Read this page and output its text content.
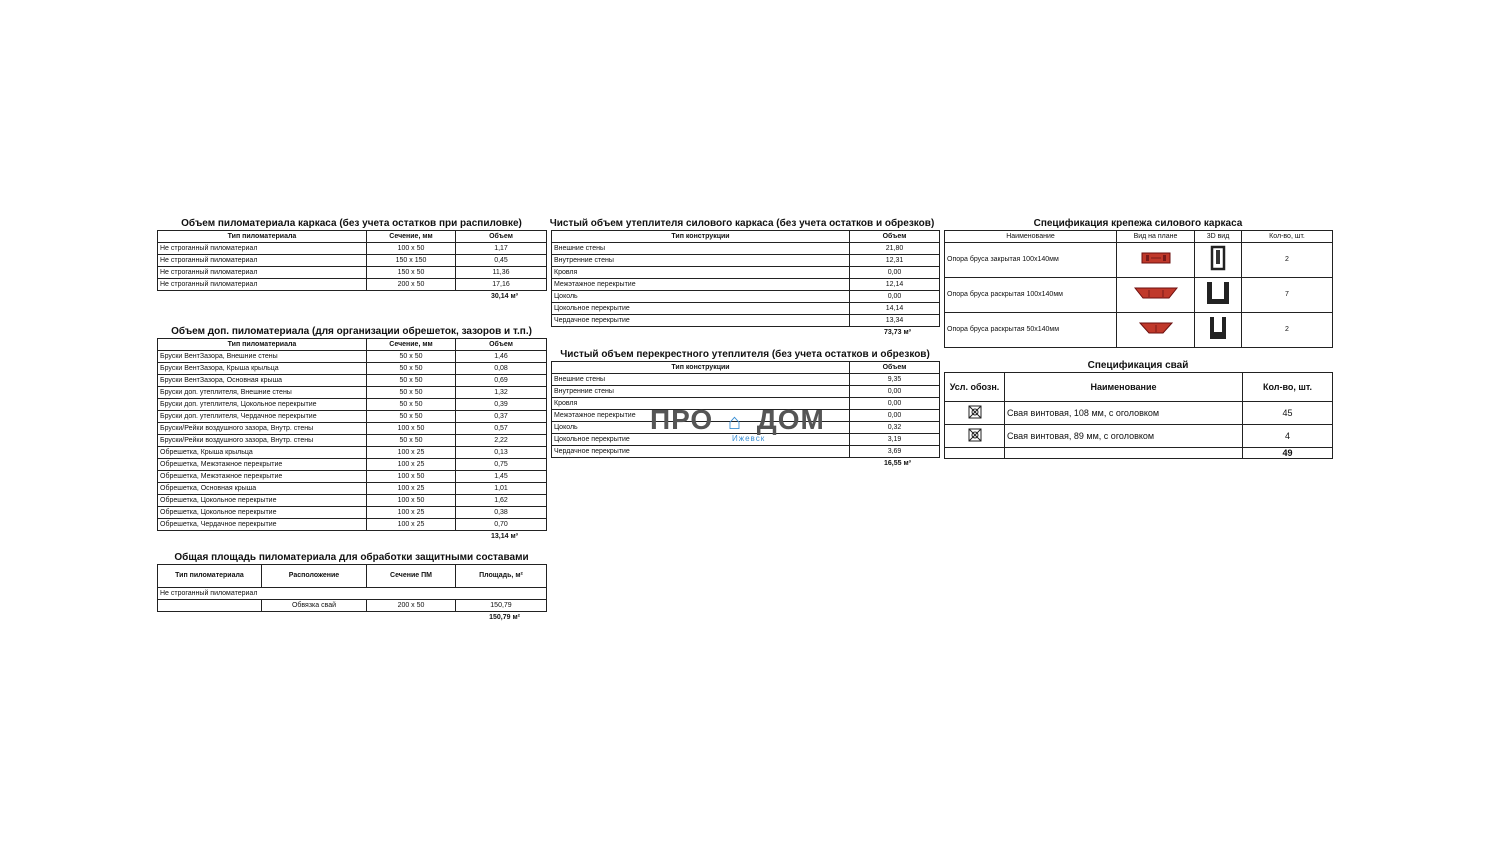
Объем пиломатериала каркаса (без учета остатков при распиловке)
Тип пиломатериала	Сечение, мм	Объем
Не строганный пиломатериал	100 x 50	1,17
Не строганный пиломатериал	150 x 150	0,45
Не строганный пиломатериал	150 x 50	11,36
Не строганный пиломатериал	200 x 50	17,16
30,14 м³
Объем доп. пиломатериала (для организации обрешеток, зазоров и т.п.)
Тип пиломатериала	Сечение, мм	Объем
Бруски ВентЗазора, Внешние стены	50 x 50	1,46
Бруски ВентЗазора, Крыша крыльца	50 x 50	0,08
Бруски ВентЗазора, Основная крыша	50 x 50	0,69
Бруски доп. утеплителя, Внешние стены	50 x 50	1,32
Бруски доп. утеплителя, Цокольное перекрытие	50 x 50	0,39
Бруски доп. утеплителя, Чердачное перекрытие	50 x 50	0,37
Бруски/Рейки воздушного зазора, Внутр. стены	100 x 50	0,57
Бруски/Рейки воздушного зазора, Внутр. стены	50 x 50	2,22
Обрешетка, Крыша крыльца	100 x 25	0,13
Обрешетка, Межэтажное перекрытие	100 x 25	0,75
Обрешетка, Межэтажное перекрытие	100 x 50	1,45
Обрешетка, Основная крыша	100 x 25	1,01
Обрешетка, Цокольное перекрытие	100 x 50	1,62
Обрешетка, Цокольное перекрытие	100 x 25	0,38
Обрешетка, Чердачное перекрытие	100 x 25	0,70
13,14 м³
Общая площадь пиломатериала для обработки защитными составами
Тип пиломатериала	Расположение	Сечение ПМ	Площадь, м²
Не строганный пиломатериал			
	Обвязка свай	200 x 50	150,79
150,79 м²
Чистый объем утеплителя силового каркаса (без учета остатков и обрезков)
Тип конструкции	Объем
Внешние стены	21,80
Внутренние стены	12,31
Кровля	0,00
Межэтажное перекрытие	12,14
Цоколь	0,00
Цокольное перекрытие	14,14
Чердачное перекрытие	13,34
73,73 м³
Чистый объем перекрестного утеплителя (без учета остатков и обрезков)
Тип конструкции	Объем
Внешние стены	9,35
Внутренние стены	0,00
Кровля	0,00
Межэтажное перекрытие	0,00
Цоколь	0,32
Цокольное перекрытие	3,19
Чердачное перекрытие	3,69
16,55 м³
Спецификация крепежа силового каркаса
Наименование	Вид на плане	3D вид	Кол-во, шт.
Опора бруса закрытая 100х140мм			2
Опора бруса раскрытая 100х140мм			7
Опора бруса раскрытая 50х140мм			2
Спецификация свай
Усл. обозн.	Наименование	Кол-во, шт.
	Свая винтовая, 108 мм, с оголовком	45
	Свая винтовая, 89 мм, с оголовком	4
		49
ПРО ⌂ ДОМ
Ижевск
